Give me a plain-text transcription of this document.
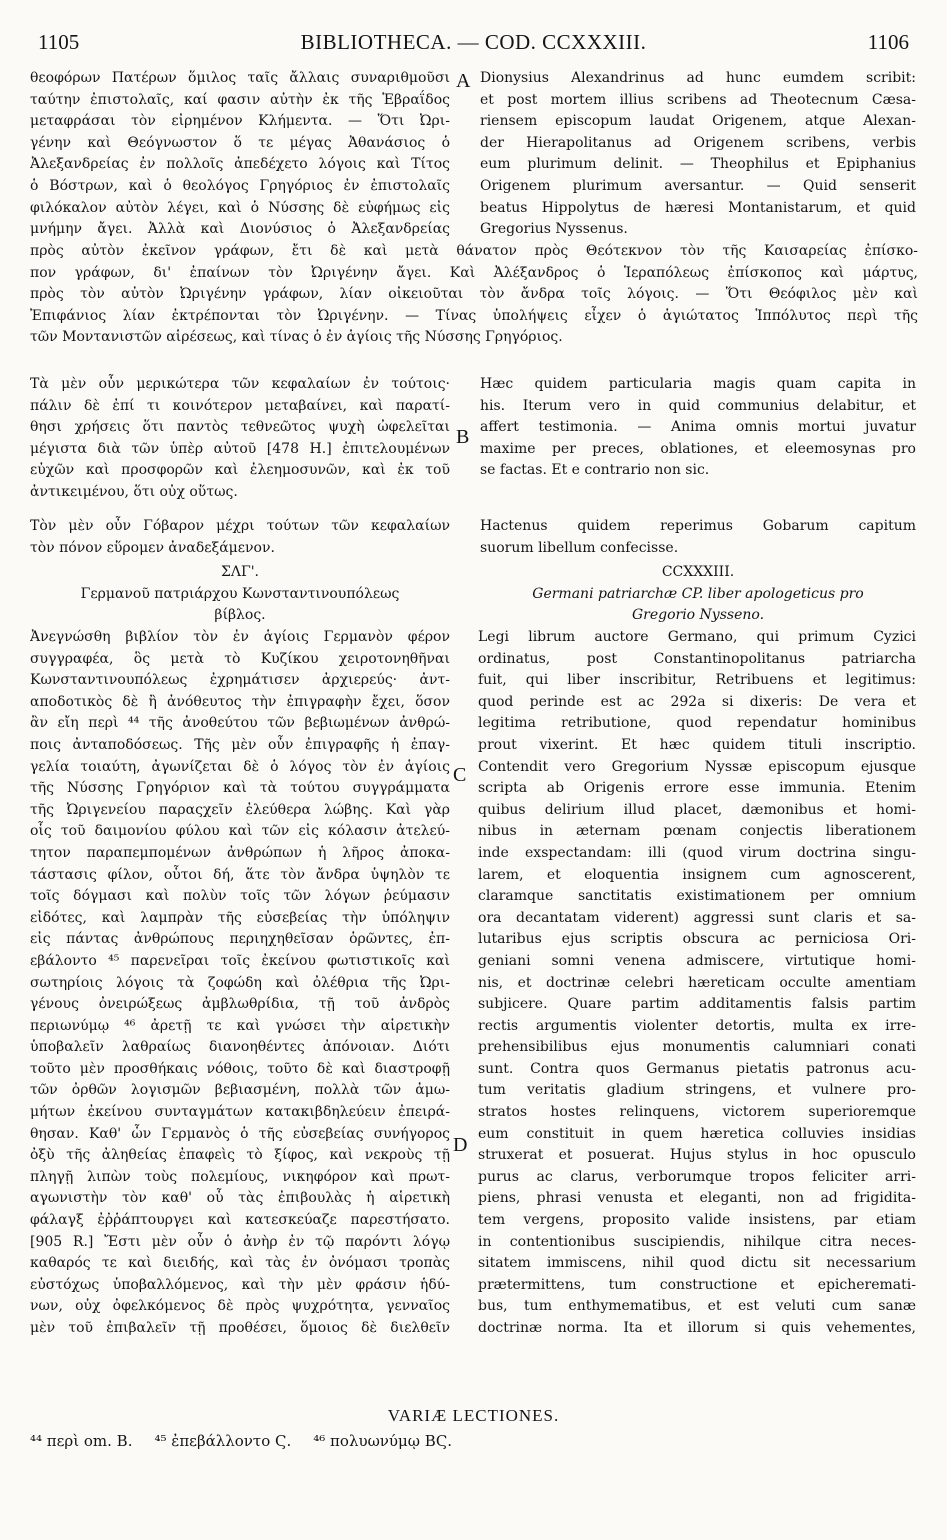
1105	BIBLIOTHECA. — COD. CCXXXIII.	1106
θεοφόρων Πατέρων ὅμιλος ταῖς ἄλλαις συναριθμοῦσι
ταύτην ἐπιστολαῖς, καί φασιν αὐτὴν ἐκ τῆς Ἑβραΐδος
μεταφράσαι τὸν εἰρημένον Κλήμεντα. — Ὅτι Ὠρι-
γένην καὶ Θεόγνωστον ὅ τε μέγας Ἀθανάσιος ὁ
Ἀλεξανδρείας ἐν πολλοῖς ἀπεδέχετο λόγοις καὶ Τίτος
ὁ Βόστρων, καὶ ὁ θεολόγος Γρηγόριος ἐν ἐπιστολαῖς
φιλόκαλον αὐτὸν λέγει, καὶ ὁ Νύσσης δὲ εὐφήμως εἰς
μνήμην ἄγει. Ἀλλὰ καὶ Διονύσιος ὁ Ἀλεξανδρείας
A Dionysius Alexandrinus ad hunc eumdem scribit:
et post mortem illius scribens ad Theotecnum Cæsa-
riensem episcopum laudat Origenem, atque Alexan-
der Hierapolitanus ad Origenem scribens, verbis
eum plurimum delinit. — Theophilus et Epiphanius
Origenem plurimum aversantur. — Quid senserit
beatus Hippolytus de hæresi Montanistarum, et quid
Gregorius Nyssenus.
πρὸς αὐτὸν ἐκεῖνον γράφων, ἔτι δὲ καὶ μετὰ θάνατον πρὸς Θεότεκνον τὸν τῆς Καισαρείας ἐπίσκο-
πον γράφων, δι' ἐπαίνων τὸν Ὠριγένην ἄγει. Καὶ Ἀλέξανδρος ὁ Ἱεραπόλεως ἐπίσκοπος καὶ μάρτυς,
πρὸς τὸν αὐτὸν Ὠριγένην γράφων, λίαν οἰκειοῦται τὸν ἄνδρα τοῖς λόγοις. — Ὅτι Θεόφιλος μὲν καὶ
Ἐπιφάνιος λίαν ἐκτρέπονται τὸν Ὠριγένην. — Τίνας ὑπολήψεις εἶχεν ὁ ἁγιώτατος Ἱππόλυτος περὶ τῆς
τῶν Μοντανιστῶν αἱρέσεως, καὶ τίνας ὁ ἐν ἁγίοις τῆς Νύσσης Γρηγόριος.
Τὰ μὲν οὖν μερικώτερα τῶν κεφαλαίων ἐν τούτοις·
πάλιν δὲ ἐπί τι κοινότερον μεταβαίνει, καὶ παρατί-
θησι χρήσεις ὅτι παντὸς τεθνεῶτος ψυχὴ ὠφελεῖται
μέγιστα διὰ τῶν ὑπὲρ αὐτοῦ [478 H.] ἐπιτελουμένων
εὐχῶν καὶ προσφορῶν καὶ ἐλεημοσυνῶν, καὶ ἐκ τοῦ
ἀντικειμένου, ὅτι οὐχ οὕτως.
B
Hæc quidem particularia magis quam capita in
his. Iterum vero in quid communius delabitur, et
affert testimonia. — Anima omnis mortui juvatur
maxime per preces, oblationes, et eleemosynas pro
se factas. Et e contrario non sic.
Τὸν μὲν οὖν Γόβαρον μέχρι τούτων τῶν κεφαλαίων
τὸν πόνον εὕρομεν ἀναδεξάμενον.
Hactenus quidem reperimus Gobarum capitum
suorum libellum confecisse.
ΣΛΓ'.
Γερμανοῦ πατριάρχου Κωνσταντινουπόλεως
βίβλος.
CCXXXIII.
Germani patriarchæ CP. liber apologeticus pro
Gregorio Nysseno.
Ἀνεγνώσθη βιβλίον τὸν ἐν ἁγίοις Γερμανὸν φέρον
συγγραφέα, ὃς μετὰ τὸ Κυζίκου χειροτονηθῆναι
Κωνσταντινουπόλεως ἐχρημάτισεν ἀρχιερεύς· ἀντ-
αποδοτικὸς δὲ ἢ ἀνόθευτος τὴν ἐπιγραφὴν ἔχει, ὅσον
ἂν εἴη περὶ ⁴⁴ τῆς ἀνοθεύτου τῶν βεβιωμένων ἀνθρώ-
ποις ἀνταποδόσεως. Τῆς μὲν οὖν ἐπιγραφῆς ἡ ἐπαγ-
γελία τοιαύτη, ἀγωνίζεται δὲ ὁ λόγος τὸν ἐν ἁγίοις
τῆς Νύσσης Γρηγόριον καὶ τὰ τούτου συγγράμματα
τῆς Ὠριγενείου παραςχεῖν ἐλεύθερα λώβης. Καὶ γὰρ
οἷς τοῦ δαιμονίου φύλου καὶ τῶν εἰς κόλασιν ἀτελεύ-
τητον παραπεμπομένων ἀνθρώπων ἡ λῆρος ἀποκα-
τάστασις φίλον, οὗτοι δή, ἅτε τὸν ἄνδρα ὑψηλὸν τε
τοῖς δόγμασι καὶ πολὺν τοῖς τῶν λόγων ῥεύμασιν
εἰδότες, καὶ λαμπρὰν τῆς εὐσεβείας τὴν ὑπόληψιν
εἰς πάντας ἀνθρώπους περιηχηθεῖσαν ὁρῶντες, ἐπ-
εβάλοντο ⁴⁵ παρενεῖραι τοῖς ἐκείνου φωτιστικοῖς καὶ
σωτηρίοις λόγοις τὰ ζοφώδη καὶ ὀλέθρια τῆς Ὠρι-
γένους ὀνειρώξεως ἀμβλωθρίδια, τῇ τοῦ ἀνδρὸς
περιωνύμῳ ⁴⁶ ἀρετῇ τε καὶ γνώσει τὴν αἱρετικὴν
ὑποβαλεῖν λαθραίως διανοηθέντες ἀπόνοιαν. Διότι
τοῦτο μὲν προσθήκαις νόθοις, τοῦτο δὲ καὶ διαστροφῇ
τῶν ὀρθῶν λογισμῶν βεβιασμένη, πολλὰ τῶν ἀμω-
μήτων ἐκείνου συνταγμάτων κατακιβδηλεύειν ἐπειρά-
θησαν. Καθ' ὧν Γερμανὸς ὁ τῆς εὐσεβείας συνήγορος
ὀξὺ τῆς ἀληθείας ἐπαφεὶς τὸ ξίφος, καὶ νεκροὺς τῇ
πληγῇ λιπὼν τοὺς πολεμίους, νικηφόρον καὶ πρωτ-
αγωνιστὴν τὸν καθ' οὗ τὰς ἐπιβουλὰς ἡ αἱρετικὴ
φάλαγξ ἐῤῥάπτουργει καὶ κατεσκεύαζε παρεστήσατο.
[905 R.] Ἔστι μὲν οὖν ὁ ἀνὴρ ἐν τῷ παρόντι λόγῳ
καθαρός τε καὶ διειδής, καὶ τὰς ἐν ὀνόμασι τροπὰς
εὐστόχως ὑποβαλλόμενος, καὶ τὴν μὲν φράσιν ἡδύ-
νων, οὐχ ὀφελκόμενος δὲ πρὸς ψυχρότητα, γενναῖος
μὲν τοῦ ἐπιβαλεῖν τῇ προθέσει, ὅμοιος δὲ διελθεῖν
C
D
Legi librum auctore Germano, qui primum Cyzici
ordinatus, post Constantinopolitanus patriarcha
fuit, qui liber inscribitur, Retribuens et legitimus:
quod perinde est ac 292a si dixeris: De vera et
legitima retributione, quod rependatur hominibus
prout vixerint. Et hæc quidem tituli inscriptio.
Contendit vero Gregorium Nyssæ episcopum ejusque
scripta ab Origenis errore esse immunia. Etenim
quibus delirium illud placet, dæmonibus et homi-
nibus in æternam pœnam conjectis liberationem
inde exspectandam: illi (quod virum doctrina singu-
larem, et eloquentia insignem cum agnoscerent,
claramque sanctitatis existimationem per omnium
ora decantatam viderent) aggressi sunt claris et sa-
lutaribus ejus scriptis obscura ac perniciosa Ori-
geniani somni venena admiscere, virtutique homi-
nis, et doctrinæ celebri hæreticam occulte amentiam
subjicere. Quare partim additamentis falsis partim
rectis argumentis violenter detortis, multa ex irre-
prehensibilibus ejus monumentis calumniari conati
sunt. Contra quos Germanus pietatis patronus acu-
tum veritatis gladium stringens, et vulnere pro-
stratos hostes relinquens, victorem superioremque
eum constituit in quem hæretica colluvies insidias
struxerat et posuerat. Hujus stylus in hoc opusculo
purus ac clarus, verborumque tropos feliciter arri-
piens, phrasi venusta et eleganti, non ad frigidita-
tem vergens, proposito valide insistens, par etiam
in contentionibus suscipiendis, nihilque citra neces-
sitatem immiscens, nihil quod dictu sit necessarium
prætermittens, tum constructione et epicheremati-
bus, tum enthymematibus, et est veluti cum sanæ
doctrinæ norma. Ita et illorum si quis vehementes,
VARIÆ LECTIONES.
⁴⁴ περὶ om. B. ⁴⁵ ἐπεβάλλοντο Ϛ. ⁴⁶ πολυωνύμῳ ΒϚ.
